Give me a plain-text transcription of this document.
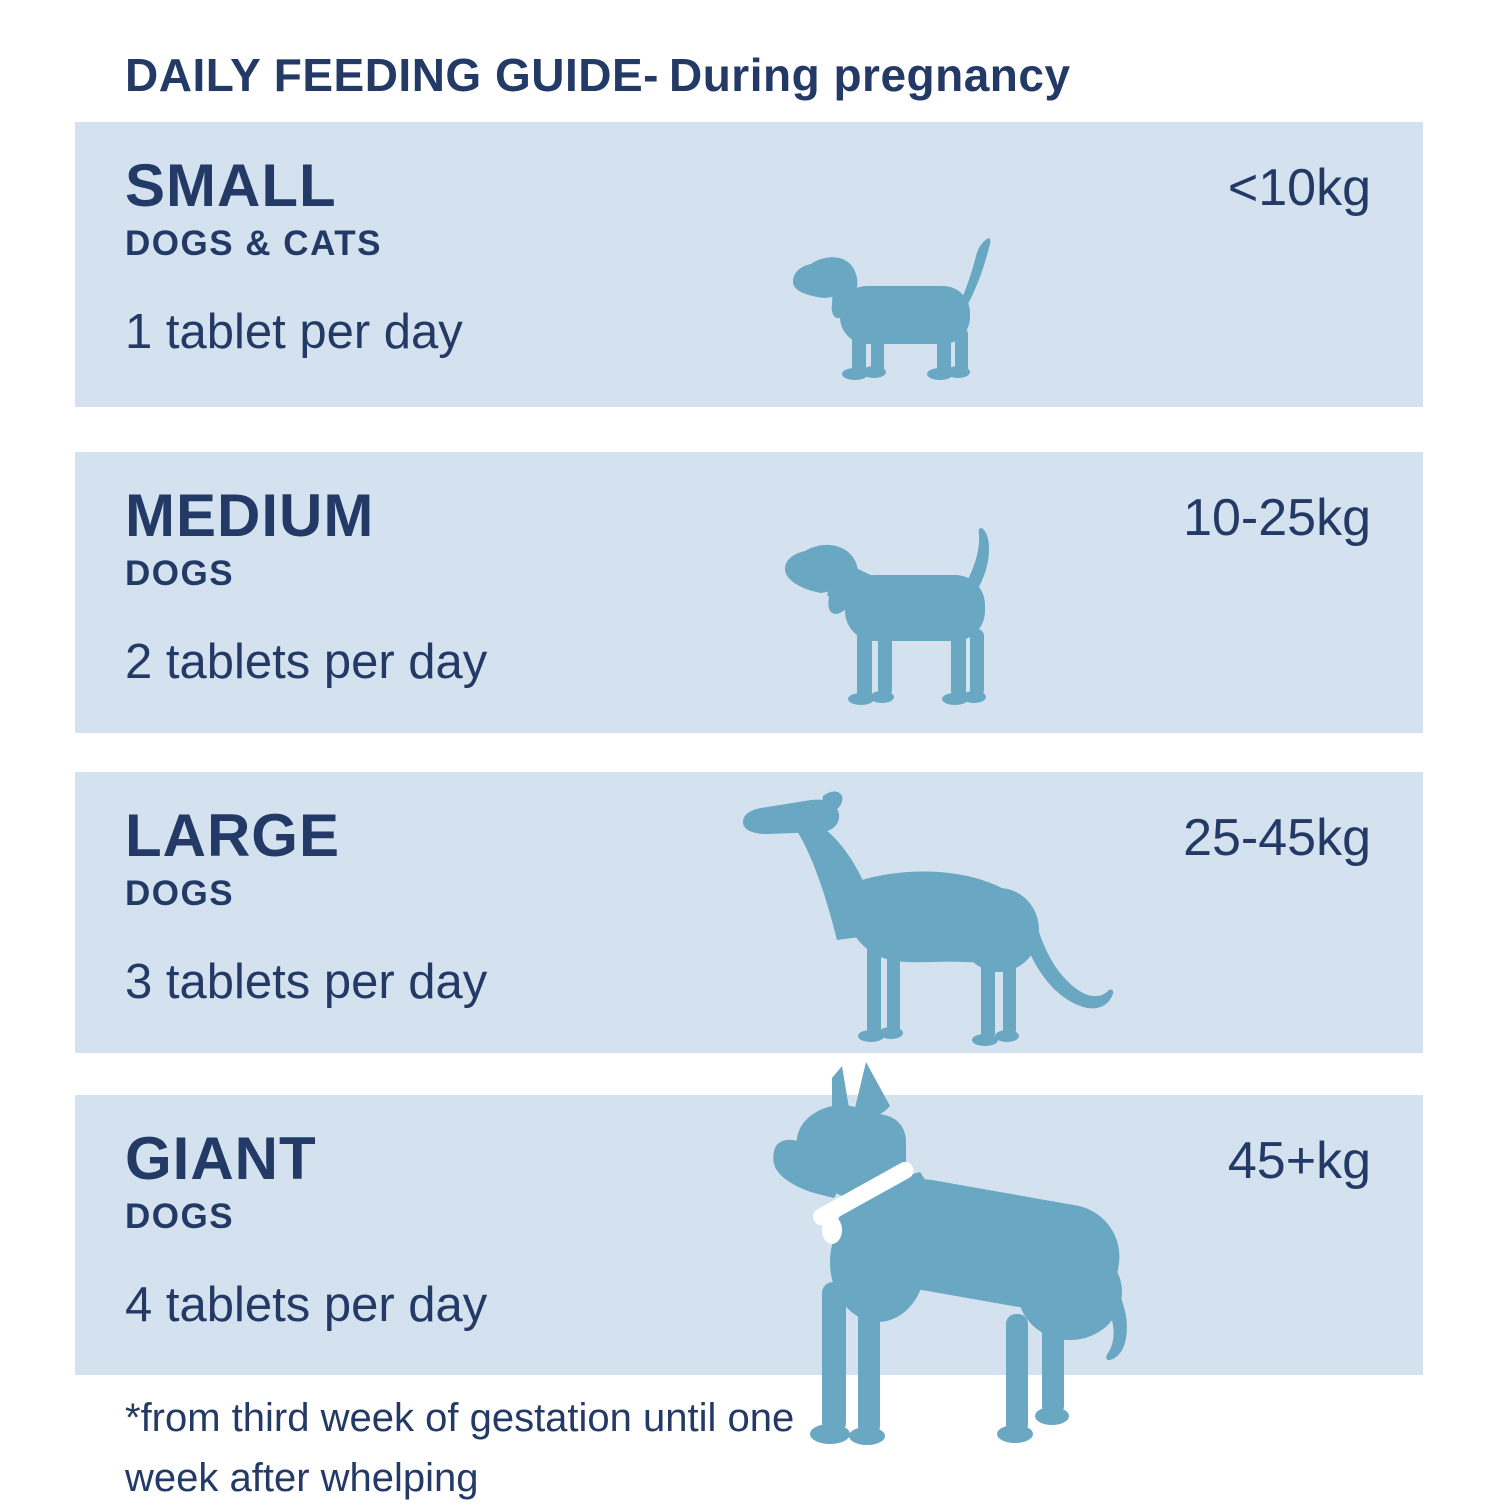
DAILY FEEDING GUIDE- During pregnancy
SMALL
DOGS & CATS
1 tablet per day
<10kg
MEDIUM
DOGS
2 tablets per day
10-25kg
LARGE
DOGS
3 tablets per day
25-45kg
GIANT
DOGS
4 tablets per day
45+kg
*from third week of gestation until one
week after whelping
